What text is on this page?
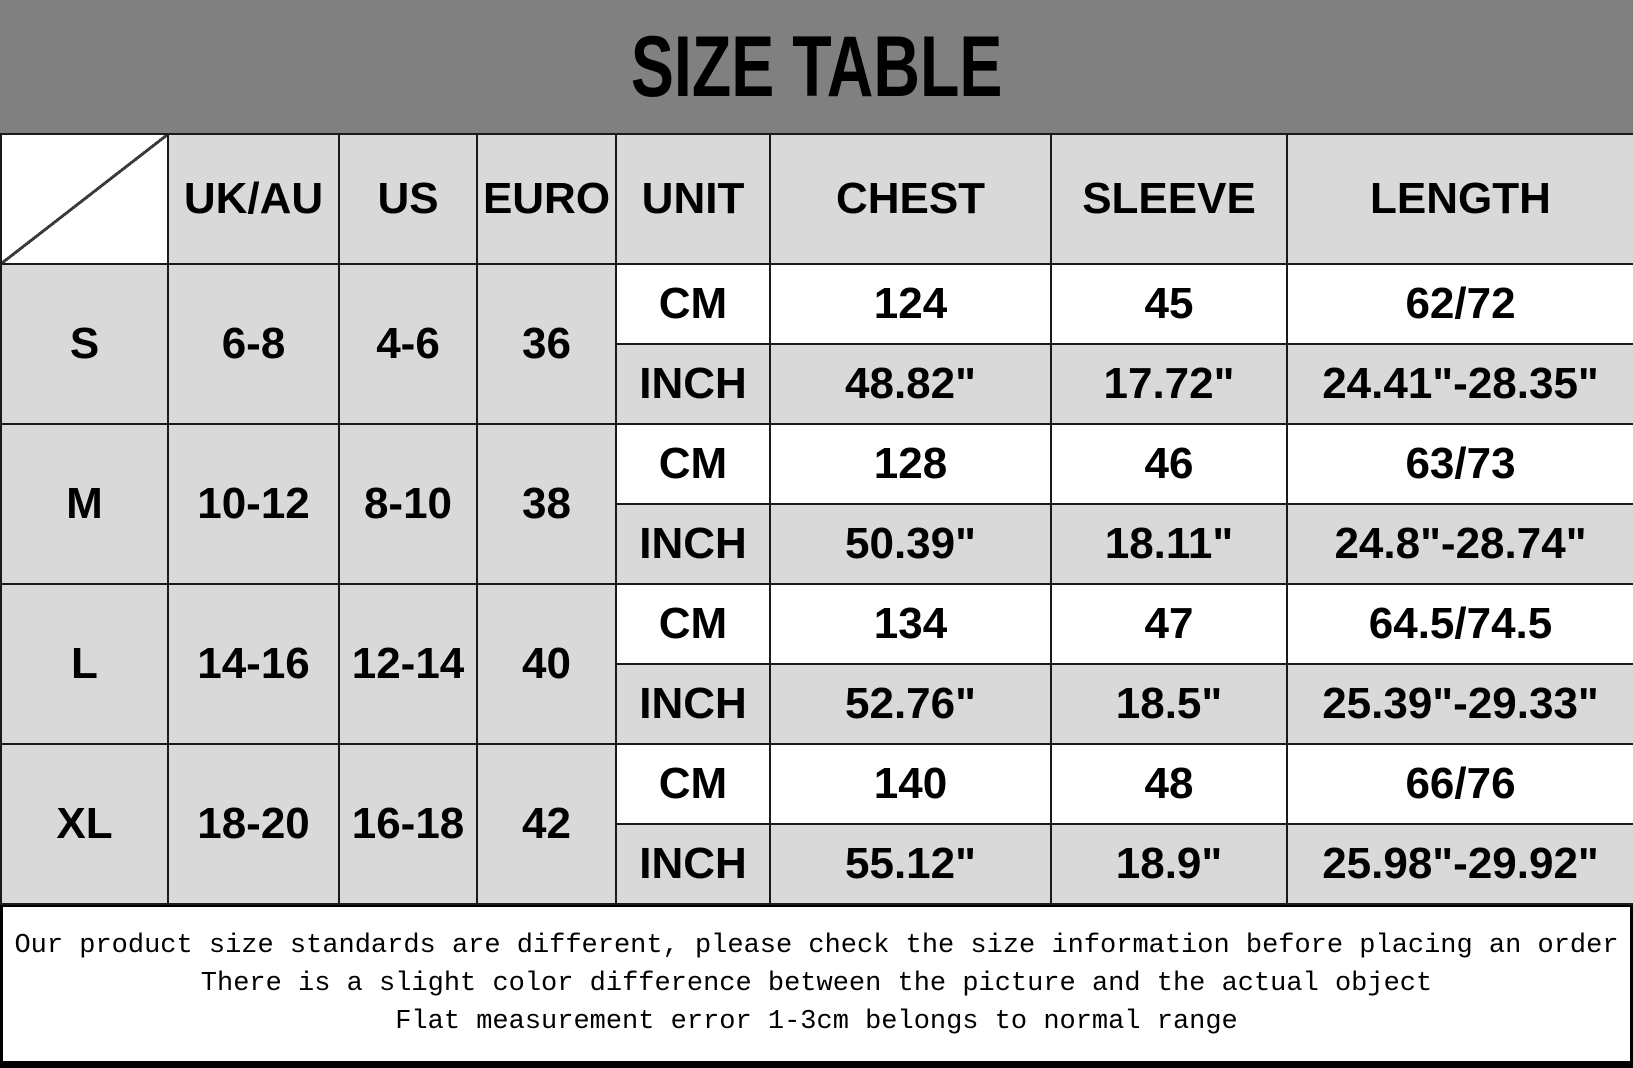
SIZE TABLE
	UK/AU	US	EURO	UNIT	CHEST	SLEEVE	LENGTH
S	6-8	4-6	36	CM	124	45	62/72
				INCH	48.82"	17.72"	24.41"-28.35"
M	10-12	8-10	38	CM	128	46	63/73
				INCH	50.39"	18.11"	24.8"-28.74"
L	14-16	12-14	40	CM	134	47	64.5/74.5
				INCH	52.76"	18.5"	25.39"-29.33"
XL	18-20	16-18	42	CM	140	48	66/76
				INCH	55.12"	18.9"	25.98"-29.92"

Our product size standards are different, please check the size information before placing an order

There is a slight color difference between the picture and the actual object

Flat measurement error 1-3cm belongs to normal range
